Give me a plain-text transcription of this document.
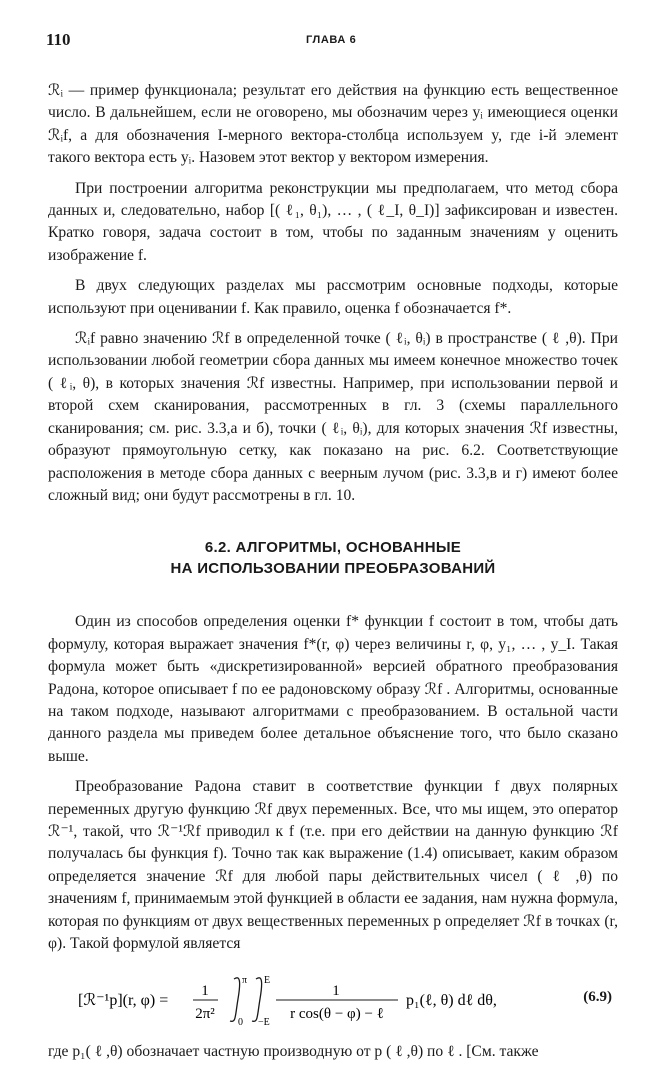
110	ГЛАВА 6

ℛᵢ — пример функционала; результат его действия на функцию есть вещественное число. В дальнейшем, если не оговорено, мы обозначим через yᵢ имеющиеся оценки ℛᵢf, а для обозначения I-мерного вектора-столбца используем y, где i-й элемент такого вектора есть yᵢ. Назовем этот вектор y вектором измерения.

При построении алгоритма реконструкции мы предполагаем, что метод сбора данных и, следовательно, набор [( ℓ₁, θ₁), … , ( ℓ_I, θ_I)] зафиксирован и известен. Кратко говоря, задача состоит в том, чтобы по заданным значениям y оценить изображение f.

В двух следующих разделах мы рассмотрим основные подходы, которые используют при оценивании f. Как правило, оценка f обозначается f*.

ℛᵢf равно значению ℛf в определенной точке ( ℓᵢ, θᵢ) в пространстве ( ℓ ,θ). При использовании любой геометрии сбора данных мы имеем конечное множество точек ( ℓᵢ, θ), в которых значения ℛf известны. Например, при использовании первой и второй схем сканирования, рассмотренных в гл. 3 (схемы параллельного сканирования; см. рис. 3.3,а и б), точки ( ℓᵢ, θᵢ), для которых значения ℛf известны, образуют прямоугольную сетку, как показано на рис. 6.2. Соответствующие расположения в методе сбора данных с веерным лучом (рис. 3.3,в и г) имеют более сложный вид; они будут рассмотрены в гл. 10.

6.2. АЛГОРИТМЫ, ОСНОВАННЫЕ
НА ИСПОЛЬЗОВАНИИ ПРЕОБРАЗОВАНИЙ

Один из способов определения оценки f* функции f состоит в том, чтобы дать формулу, которая выражает значения f*(r, φ) через величины r, φ, y₁, … , y_I. Такая формула может быть «дискретизированной» версией обратного преобразования Радона, которое описывает f по ее радоновскому образу ℛf . Алгоритмы, основанные на таком подходе, называют алгоритмами с преобразованием. В остальной части данного раздела мы приведем более детальное объяснение того, что было сказано выше.

Преобразование Радона ставит в соответствие функции f двух полярных переменных другую функцию ℛf двух переменных. Все, что мы ищем, это оператор ℛ⁻¹, такой, что ℛ⁻¹ℛf приводил к f (т.е. при его действии на данную функцию ℛf получалась бы функция f). Точно так как выражение (1.4) описывает, каким образом определяется значение ℛf для любой пары действительных чисел ( ℓ ,θ) по значениям f, принимаемым этой функцией в области ее задания, нам нужна формула, которая по функциям от двух вещественных переменных p определяет ℛf в точках (r, φ). Такой формулой является

[ℛ⁻¹p](r, φ) =
1
2π²
π
0
E
−E
1
r cos(θ − φ) − ℓ
p₁(ℓ, θ) dℓ dθ,	(6.9)

где p₁( ℓ ,θ) обозначает частную производную от p ( ℓ ,θ) по ℓ . [См. также
